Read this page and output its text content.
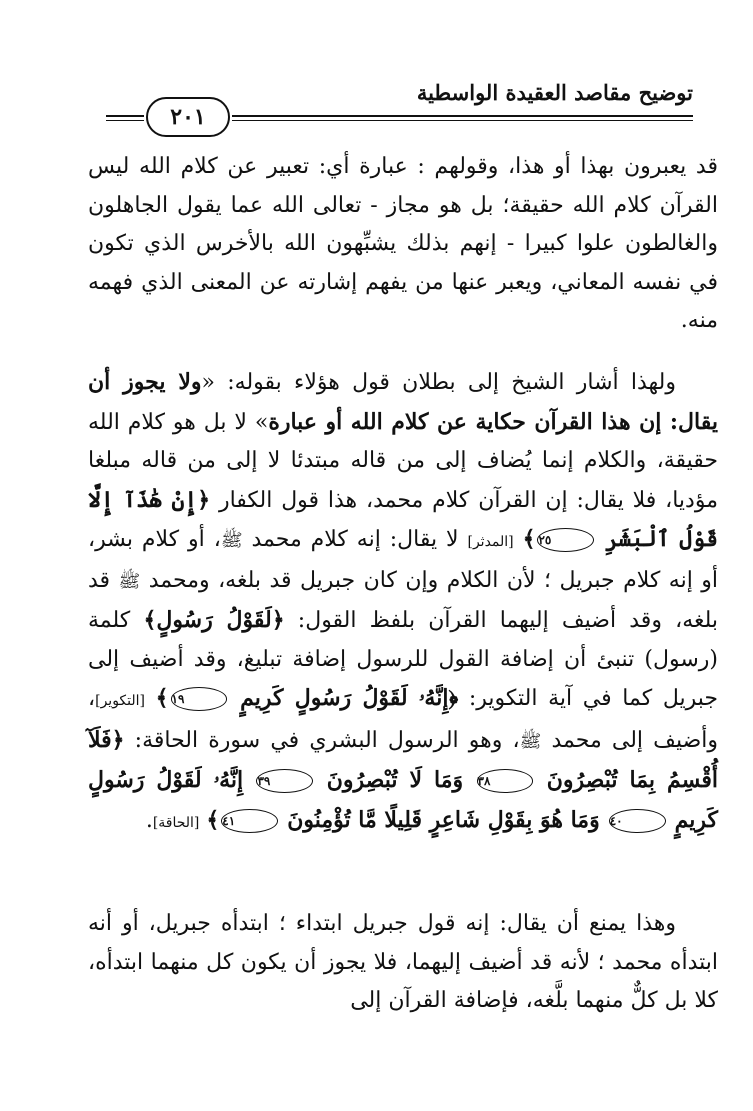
توضيح مقاصد العقيدة الواسطية
٢٠١
قد يعبرون بهذا أو هذا، وقولهم : عبارة أي: تعبير عن كلام الله ليس القرآن كلام الله حقيقة؛ بل هو مجاز - تعالى الله عما يقول الجاهلون والغالطون علوا كبيرا - إنهم بذلك يشبِّهون الله بالأخرس الذي تكون في نفسه المعاني، ويعبر عنها من يفهم إشارته عن المعنى الذي فهمه منه.
ولهذا أشار الشيخ إلى بطلان قول هؤلاء بقوله: «ولا يجوز أن يقال: إن هذا القرآن حكاية عن كلام الله أو عبارة» لا بل هو كلام الله حقيقة، والكلام إنما يُضاف إلى من قاله مبتدئا لا إلى من قاله مبلغا مؤديا، فلا يقال: إن القرآن كلام محمد، هذا قول الكفار ﴿إِنْ هَٰذَآ إِلَّا قَوْلُ ٱلْبَشَرِ ٢٥﴾ [المدثر] لا يقال: إنه كلام محمد ﷺ، أو كلام بشر، أو إنه كلام جبريل ؛ لأن الكلام وإن كان جبريل قد بلغه، ومحمد ﷺ قد بلغه، وقد أضيف إليهما القرآن بلفظ القول: ﴿لَقَوْلُ رَسُولٍ﴾ كلمة (رسول) تنبئ أن إضافة القول للرسول إضافة تبليغ، وقد أضيف إلى جبريل كما في آية التكوير: ﴿إِنَّهُۥ لَقَوْلُ رَسُولٍ كَرِيمٍ ١٩﴾ [التكوير]، وأضيف إلى محمد ﷺ، وهو الرسول البشري في سورة الحاقة: ﴿فَلَآ أُقْسِمُ بِمَا تُبْصِرُونَ ٣٨ وَمَا لَا تُبْصِرُونَ ٣٩ إِنَّهُۥ لَقَوْلُ رَسُولٍ كَرِيمٍ ٤٠ وَمَا هُوَ بِقَوْلِ شَاعِرٍ قَلِيلًا مَّا تُؤْمِنُونَ ٤١﴾ [الحاقة].
وهذا يمنع أن يقال: إنه قول جبريل ابتداء ؛ ابتدأه جبريل، أو أنه ابتدأه محمد ؛ لأنه قد أضيف إليهما، فلا يجوز أن يكون كل منهما ابتدأه، كلا بل كلٌّ منهما بلَّغه، فإضافة القرآن إلى
